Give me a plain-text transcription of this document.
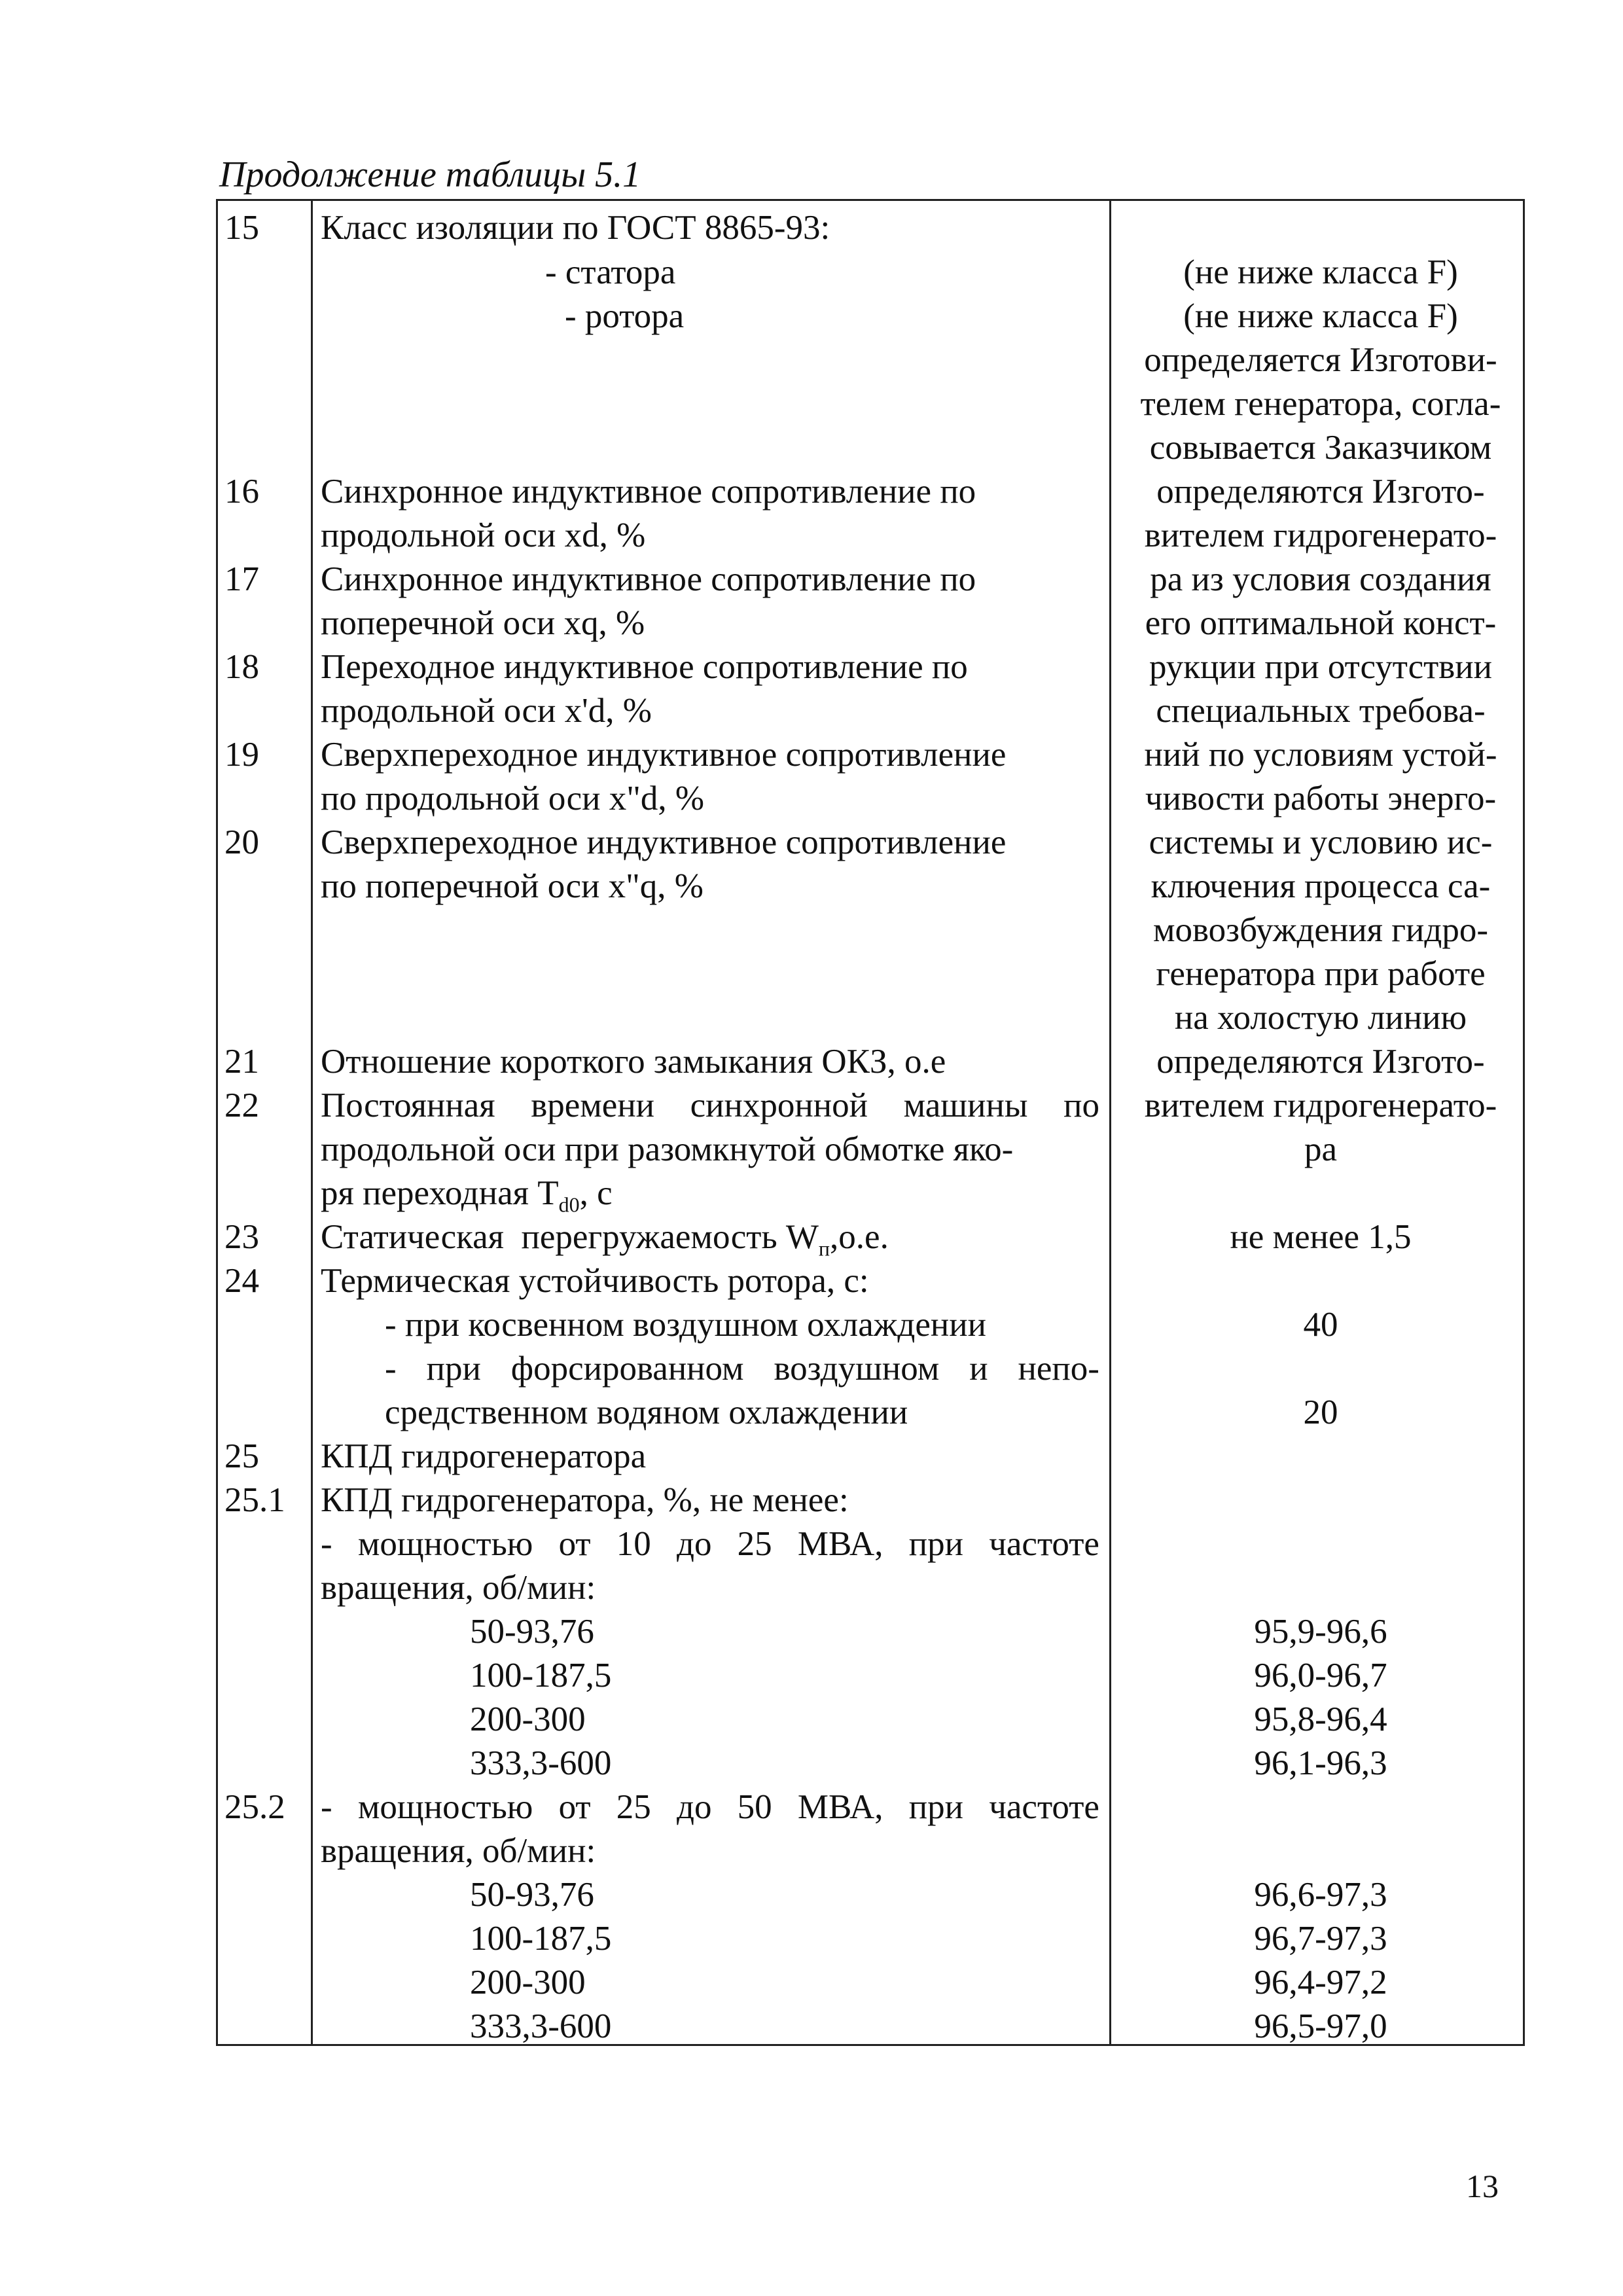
Продолжение таблицы 5.1
15 Класс изоляции по ГОСТ 8865-93:
- статора
- ротора
(не ниже класса F)
(не ниже класса F)
определяется Изготови-
телем генератора, согла-
совывается Заказчиком
16 Синхронное индуктивное сопротивление по
продольной оси xd, %
17 Синхронное индуктивное сопротивление по
поперечной оси xq, %
18 Переходное индуктивное сопротивление по
продольной оси x'd, %
19 Сверхпереходное индуктивное сопротивление
по продольной оси x"d, %
20 Сверхпереходное индуктивное сопротивление
по поперечной оси x"q, %
определяются Изгото-
вителем гидрогенерато-
ра из условия создания
его оптимальной конст-
рукции при отсутствии
специальных требова-
ний по условиям устой-
чивости работы энерго-
системы и условию ис-
ключения процесса са-
мовозбуждения гидро-
генератора при работе
на холостую линию
21 Отношение короткого замыкания ОКЗ, о.е
22 Постоянная времени синхронной машины по
продольной оси при разомкнутой обмотке яко-
ря переходная $T_{d0}$, с
определяются Изгото-
вителем гидрогенерато-
ра
23 Статическая  перегружаемость $W_п,о.е$.	не менее 1,5
24 Термическая устойчивость ротора, с:
- при косвенном воздушном охлаждении
- при форсированном воздушном и непо-
средственном водяном охлаждении
40
20
25 КПД гидрогенератора
25.1 КПД гидрогенератора, %, не менее:
- мощностью от 10 до 25 МВА, при частоте
вращения, об/мин:
50-93,76
100-187,5
200-300
333,3-600
95,9-96,6
96,0-96,7
95,8-96,4
96,1-96,3
25.2 - мощностью от 25 до 50 МВА, при частоте
вращения, об/мин:
50-93,76
100-187,5
200-300
333,3-600
96,6-97,3
96,7-97,3
96,4-97,2
96,5-97,0
13
